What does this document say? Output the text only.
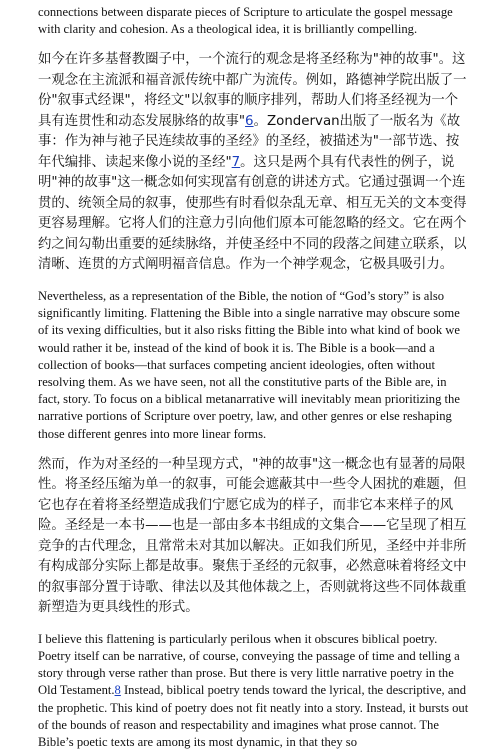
connections between disparate pieces of Scripture to articulate the gospel message with clarity and cohesion. As a theological idea, it is brilliantly compelling.

如今在许多基督教圈子中，一个流行的观念是将圣经称为"神的故事"。这一观念在主流派和福音派传统中都广为流传。例如，路德神学院出版了一份"叙事式经课"，将经文"以叙事的顺序排列，帮助人们将圣经视为一个具有连贯性和动态发展脉络的故事"6。Zondervan出版了一版名为《故事：作为神与祂子民连续故事的圣经》的圣经，被描述为"一部节选、按年代编排、读起来像小说的圣经"7。这只是两个具有代表性的例子，说明"神的故事"这一概念如何实现富有创意的讲述方式。它通过强调一个连贯的、统领全局的叙事，使那些有时看似杂乱无章、相互无关的文本变得更容易理解。它将人们的注意力引向他们原本可能忽略的经文。它在两个约之间勾勒出重要的延续脉络，并使圣经中不同的段落之间建立联系，以清晰、连贯的方式阐明福音信息。作为一个神学观念，它极具吸引力。

Nevertheless, as a representation of the Bible, the notion of “God’s story” is also significantly limiting. Flattening the Bible into a single narrative may obscure some of its vexing difficulties, but it also risks fitting the Bible into what kind of book we would rather it be, instead of the kind of book it is. The Bible is a book—and a collection of books—that surfaces competing ancient ideologies, often without resolving them. As we have seen, not all the constitutive parts of the Bible are, in fact, story. To focus on a biblical metanarrative will inevitably mean prioritizing the narrative portions of Scripture over poetry, law, and other genres or else reshaping those different genres into more linear forms.

然而，作为对圣经的一种呈现方式，"神的故事"这一概念也有显著的局限性。将圣经压缩为单一的叙事，可能会遮蔽其中一些令人困扰的难题，但它也存在着将圣经塑造成我们宁愿它成为的样子，而非它本来样子的风险。圣经是一本书——也是一部由多本书组成的文集合——它呈现了相互竞争的古代理念，且常常未对其加以解决。正如我们所见，圣经中并非所有构成部分实际上都是故事。聚焦于圣经的元叙事，必然意味着将经文中的叙事部分置于诗歌、律法以及其他体裁之上，否则就将这些不同体裁重新塑造为更具线性的形式。

I believe this flattening is particularly perilous when it obscures biblical poetry. Poetry itself can be narrative, of course, conveying the passage of time and telling a story through verse rather than prose. But there is very little narrative poetry in the Old Testament.8 Instead, biblical poetry tends toward the lyrical, the descriptive, and the prophetic. This kind of poetry does not fit neatly into a story. Instead, it bursts out of the bounds of reason and respectability and imagines what prose cannot. The Bible’s poetic texts are among its most dynamic, in that they so
